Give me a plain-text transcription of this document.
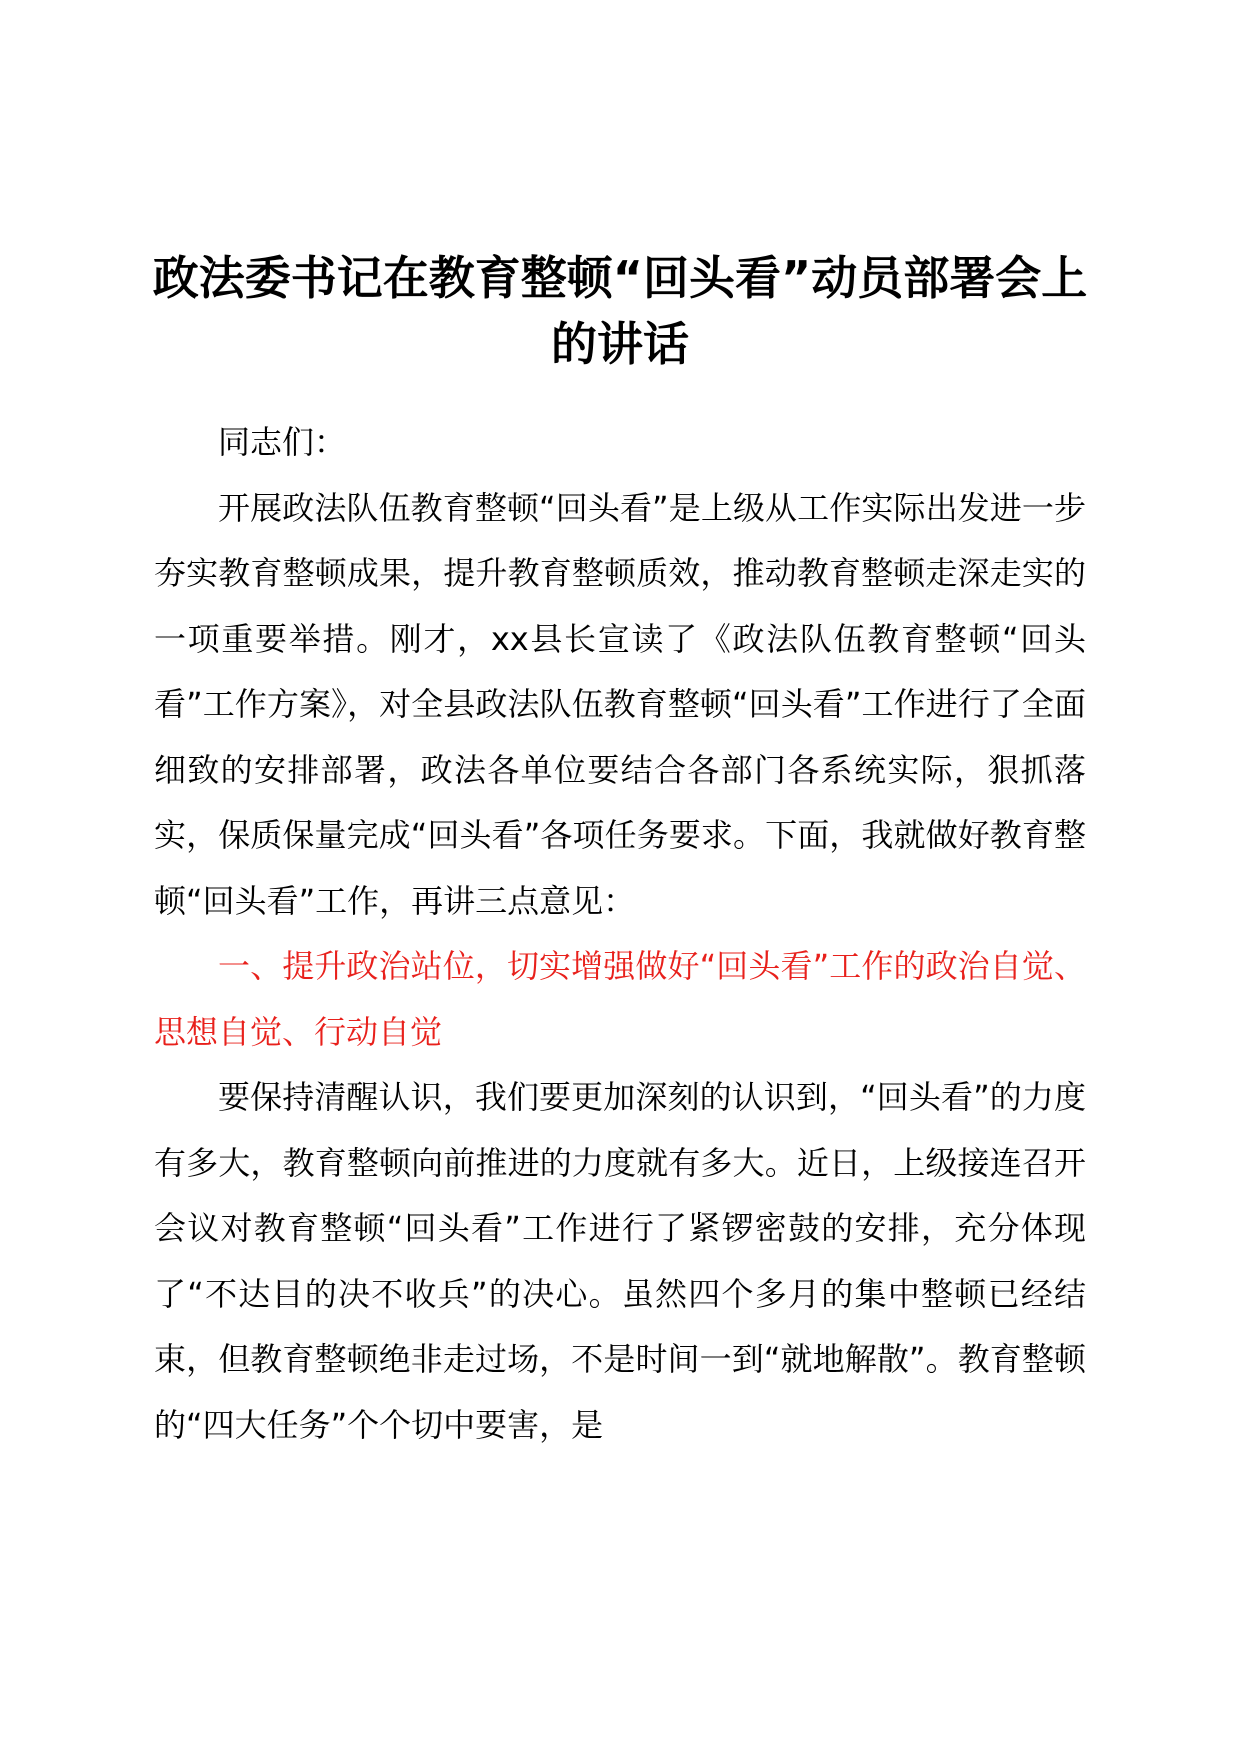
政法委书记在教育整顿“回头看”动员部署会上的讲话

同志们：

开展政法队伍教育整顿“回头看”是上级从工作实际出发进一步夯实教育整顿成果，提升教育整顿质效，推动教育整顿走深走实的一项重要举措。刚才，xx县长宣读了《政法队伍教育整顿“回头看”工作方案》，对全县政法队伍教育整顿“回头看”工作进行了全面细致的安排部署，政法各单位要结合各部门各系统实际，狠抓落实，保质保量完成“回头看”各项任务要求。下面，我就做好教育整顿“回头看”工作，再讲三点意见：

一、提升政治站位，切实增强做好“回头看”工作的政治自觉、思想自觉、行动自觉

要保持清醒认识，我们要更加深刻的认识到，“回头看”的力度有多大，教育整顿向前推进的力度就有多大。近日，上级接连召开会议对教育整顿“回头看”工作进行了紧锣密鼓的安排，充分体现了“不达目的决不收兵”的决心。虽然四个多月的集中整顿已经结束，但教育整顿绝非走过场，不是时间一到“就地解散”。教育整顿的“四大任务”个个切中要害，是
